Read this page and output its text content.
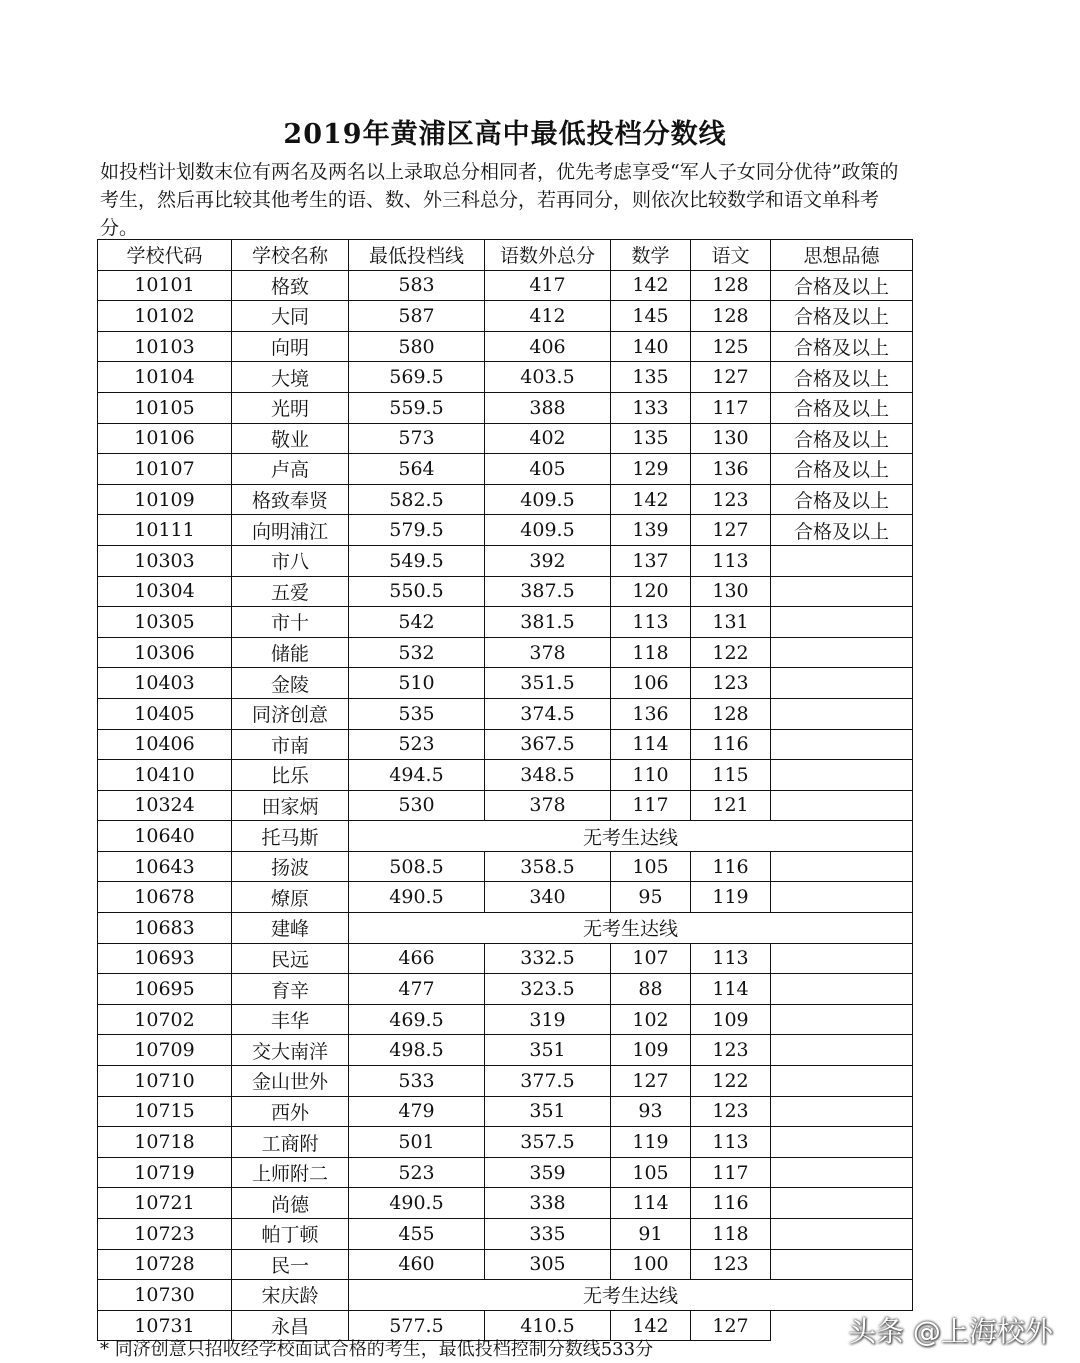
2019年黄浦区高中最低投档分数线

如投档计划数末位有两名及两名以上录取总分相同者，优先考虑享受“军人子女同分优待”政策的考生，然后再比较其他考生的语、数、外三科总分，若再同分，则依次比较数学和语文单科考分。

学校代码	学校名称	最低投档线	语数外总分	数学	语文	思想品德
10101	格致	583	417	142	128	合格及以上
10102	大同	587	412	145	128	合格及以上
10103	向明	580	406	140	125	合格及以上
10104	大境	569.5	403.5	135	127	合格及以上
10105	光明	559.5	388	133	117	合格及以上
10106	敬业	573	402	135	130	合格及以上
10107	卢高	564	405	129	136	合格及以上
10109	格致奉贤	582.5	409.5	142	123	合格及以上
10111	向明浦江	579.5	409.5	139	127	合格及以上
10303	市八	549.5	392	137	113	
10304	五爱	550.5	387.5	120	130	
10305	市十	542	381.5	113	131	
10306	储能	532	378	118	122	
10403	金陵	510	351.5	106	123	
10405	同济创意	535	374.5	136	128	
10406	市南	523	367.5	114	116	
10410	比乐	494.5	348.5	110	115	
10324	田家炳	530	378	117	121	
10640	托马斯	无考生达线				
10643	扬波	508.5	358.5	105	116	
10678	燎原	490.5	340	95	119	
10683	建峰	无考生达线				
10693	民远	466	332.5	107	113	
10695	育辛	477	323.5	88	114	
10702	丰华	469.5	319	102	109	
10709	交大南洋	498.5	351	109	123	
10710	金山世外	533	377.5	127	122	
10715	西外	479	351	93	123	
10718	工商附	501	357.5	119	113	
10719	上师附二	523	359	105	117	
10721	尚德	490.5	338	114	116	
10723	帕丁顿	455	335	91	118	
10728	民一	460	305	100	123	
10730	宋庆龄	无考生达线				
10731	永昌	577.5	410.5	142	127	
* 同济创意只招收经学校面试合格的考生，最低投档控制分数线533分
头条 @上海校外
